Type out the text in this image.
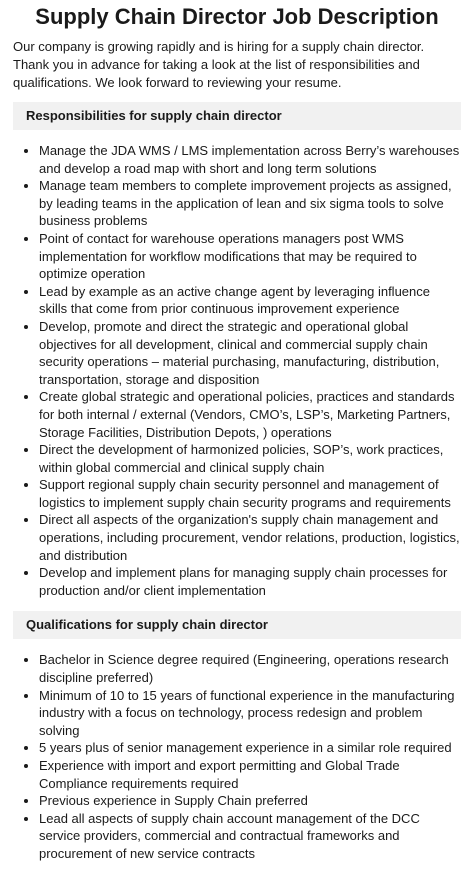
Supply Chain Director Job Description

Our company is growing rapidly and is hiring for a supply chain director. Thank you in advance for taking a look at the list of responsibilities and qualifications. We look forward to reviewing your resume.

Responsibilities for supply chain director
• Manage the JDA WMS / LMS implementation across Berry’s warehouses and develop a road map with short and long term solutions
• Manage team members to complete improvement projects as assigned, by leading teams in the application of lean and six sigma tools to solve business problems
• Point of contact for warehouse operations managers post WMS implementation for workflow modifications that may be required to optimize operation
• Lead by example as an active change agent by leveraging influence skills that come from prior continuous improvement experience
• Develop, promote and direct the strategic and operational global objectives for all development, clinical and commercial supply chain security operations – material purchasing, manufacturing, distribution, transportation, storage and disposition
• Create global strategic and operational policies, practices and standards for both internal / external (Vendors, CMO’s, LSP’s, Marketing Partners, Storage Facilities, Distribution Depots, ) operations
• Direct the development of harmonized policies, SOP’s, work practices, within global commercial and clinical supply chain
• Support regional supply chain security personnel and management of logistics to implement supply chain security programs and requirements
• Direct all aspects of the organization's supply chain management and operations, including procurement, vendor relations, production, logistics, and distribution
• Develop and implement plans for managing supply chain processes for production and/or client implementation
Qualifications for supply chain director
• Bachelor in Science degree required (Engineering, operations research discipline preferred)
• Minimum of 10 to 15 years of functional experience in the manufacturing industry with a focus on technology, process redesign and problem solving
• 5 years plus of senior management experience in a similar role required
• Experience with import and export permitting and Global Trade Compliance requirements required
• Previous experience in Supply Chain preferred
• Lead all aspects of supply chain account management of the DCC service providers, commercial and contractual frameworks and procurement of new service contracts
